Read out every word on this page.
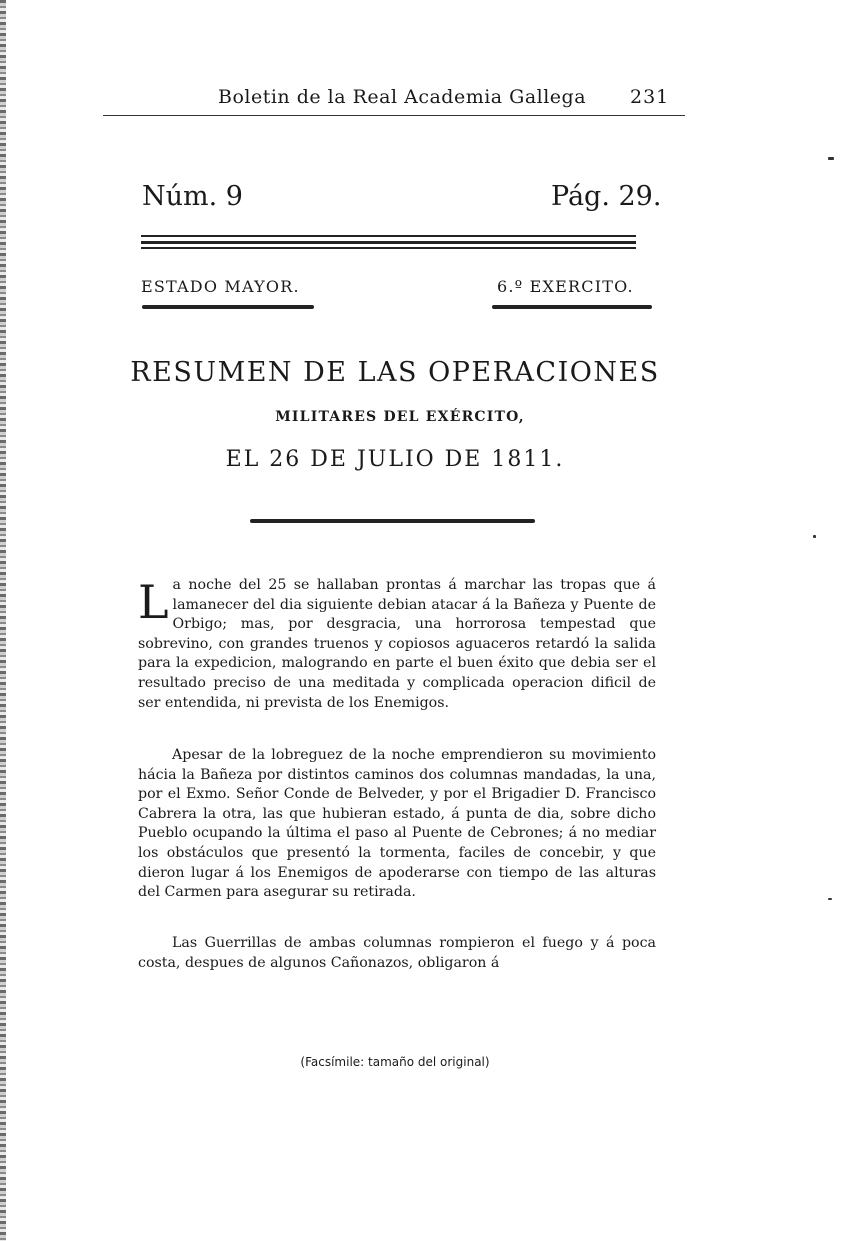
Boletin de la Real Academia Gallega 231
Núm. 9	Pág. 29.
ESTADO MAYOR.	6.º EXERCITO.
RESUMEN DE LAS OPERACIONES
MILITARES DEL EXÉRCITO,
EL 26 DE JULIO DE 1811.
La noche del 25 se hallaban prontas á marchar las tropas que á lamanecer del dia siguiente debian atacar á la Bañeza y Puente de Orbigo; mas, por desgracia, una horrorosa tempestad que sobrevino, con grandes truenos y copiosos aguaceros retardó la salida para la expedicion, malogrando en parte el buen éxito que debia ser el resultado preciso de una meditada y complicada operacion dificil de ser entendida, ni prevista de los Enemigos.
Apesar de la lobreguez de la noche emprendieron su movimiento hácia la Bañeza por distintos caminos dos columnas mandadas, la una, por el Exmo. Señor Conde de Belveder, y por el Brigadier D. Francisco Cabrera la otra, las que hubieran estado, á punta de dia, sobre dicho Pueblo ocupando la última el paso al Puente de Cebrones; á no mediar los obstáculos que presentó la tormenta, faciles de concebir, y que dieron lugar á los Enemigos de apoderarse con tiempo de las alturas del Carmen para asegurar su retirada.
Las Guerrillas de ambas columnas rompieron el fuego y á poca costa, despues de algunos Cañonazos, obligaron á
(Facsímile: tamaño del original)
